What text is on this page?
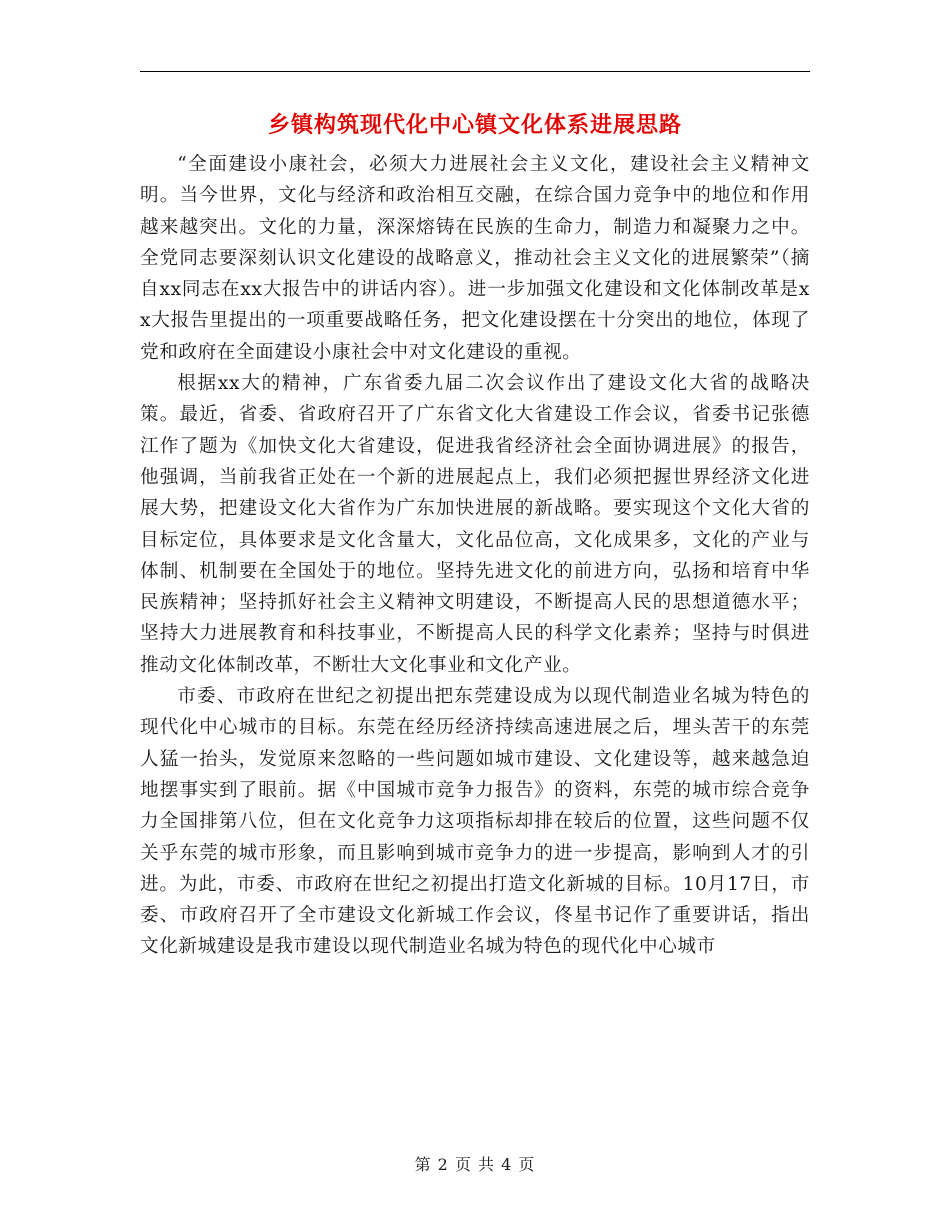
乡镇构筑现代化中心镇文化体系进展思路

“全面建设小康社会，必须大力进展社会主义文化，建设社会主义精神文明。当今世界，文化与经济和政治相互交融，在综合国力竞争中的地位和作用越来越突出。文化的力量，深深熔铸在民族的生命力，制造力和凝聚力之中。全党同志要深刻认识文化建设的战略意义，推动社会主义文化的进展繁荣”（摘自xx同志在xx大报告中的讲话内容）。进一步加强文化建设和文化体制改革是xx大报告里提出的一项重要战略任务，把文化建设摆在十分突出的地位，体现了党和政府在全面建设小康社会中对文化建设的重视。

根据xx大的精神，广东省委九届二次会议作出了建设文化大省的战略决策。最近，省委、省政府召开了广东省文化大省建设工作会议，省委书记张德江作了题为《加快文化大省建设，促进我省经济社会全面协调进展》的报告，他强调，当前我省正处在一个新的进展起点上，我们必须把握世界经济文化进展大势，把建设文化大省作为广东加快进展的新战略。要实现这个文化大省的目标定位，具体要求是文化含量大，文化品位高，文化成果多，文化的产业与体制、机制要在全国处于的地位。坚持先进文化的前进方向，弘扬和培育中华民族精神；坚持抓好社会主义精神文明建设，不断提高人民的思想道德水平；坚持大力进展教育和科技事业，不断提高人民的科学文化素养；坚持与时俱进推动文化体制改革，不断壮大文化事业和文化产业。

市委、市政府在世纪之初提出把东莞建设成为以现代制造业名城为特色的现代化中心城市的目标。东莞在经历经济持续高速进展之后，埋头苦干的东莞人猛一抬头，发觉原来忽略的一些问题如城市建设、文化建设等，越来越急迫地摆事实到了眼前。据《中国城市竞争力报告》的资料，东莞的城市综合竞争力全国排第八位，但在文化竞争力这项指标却排在较后的位置，这些问题不仅关乎东莞的城市形象，而且影响到城市竞争力的进一步提高，影响到人才的引进。为此，市委、市政府在世纪之初提出打造文化新城的目标。10月17日，市委、市政府召开了全市建设文化新城工作会议，佟星书记作了重要讲话，指出文化新城建设是我市建设以现代制造业名城为特色的现代化中心城市

第 2 页 共 4 页
